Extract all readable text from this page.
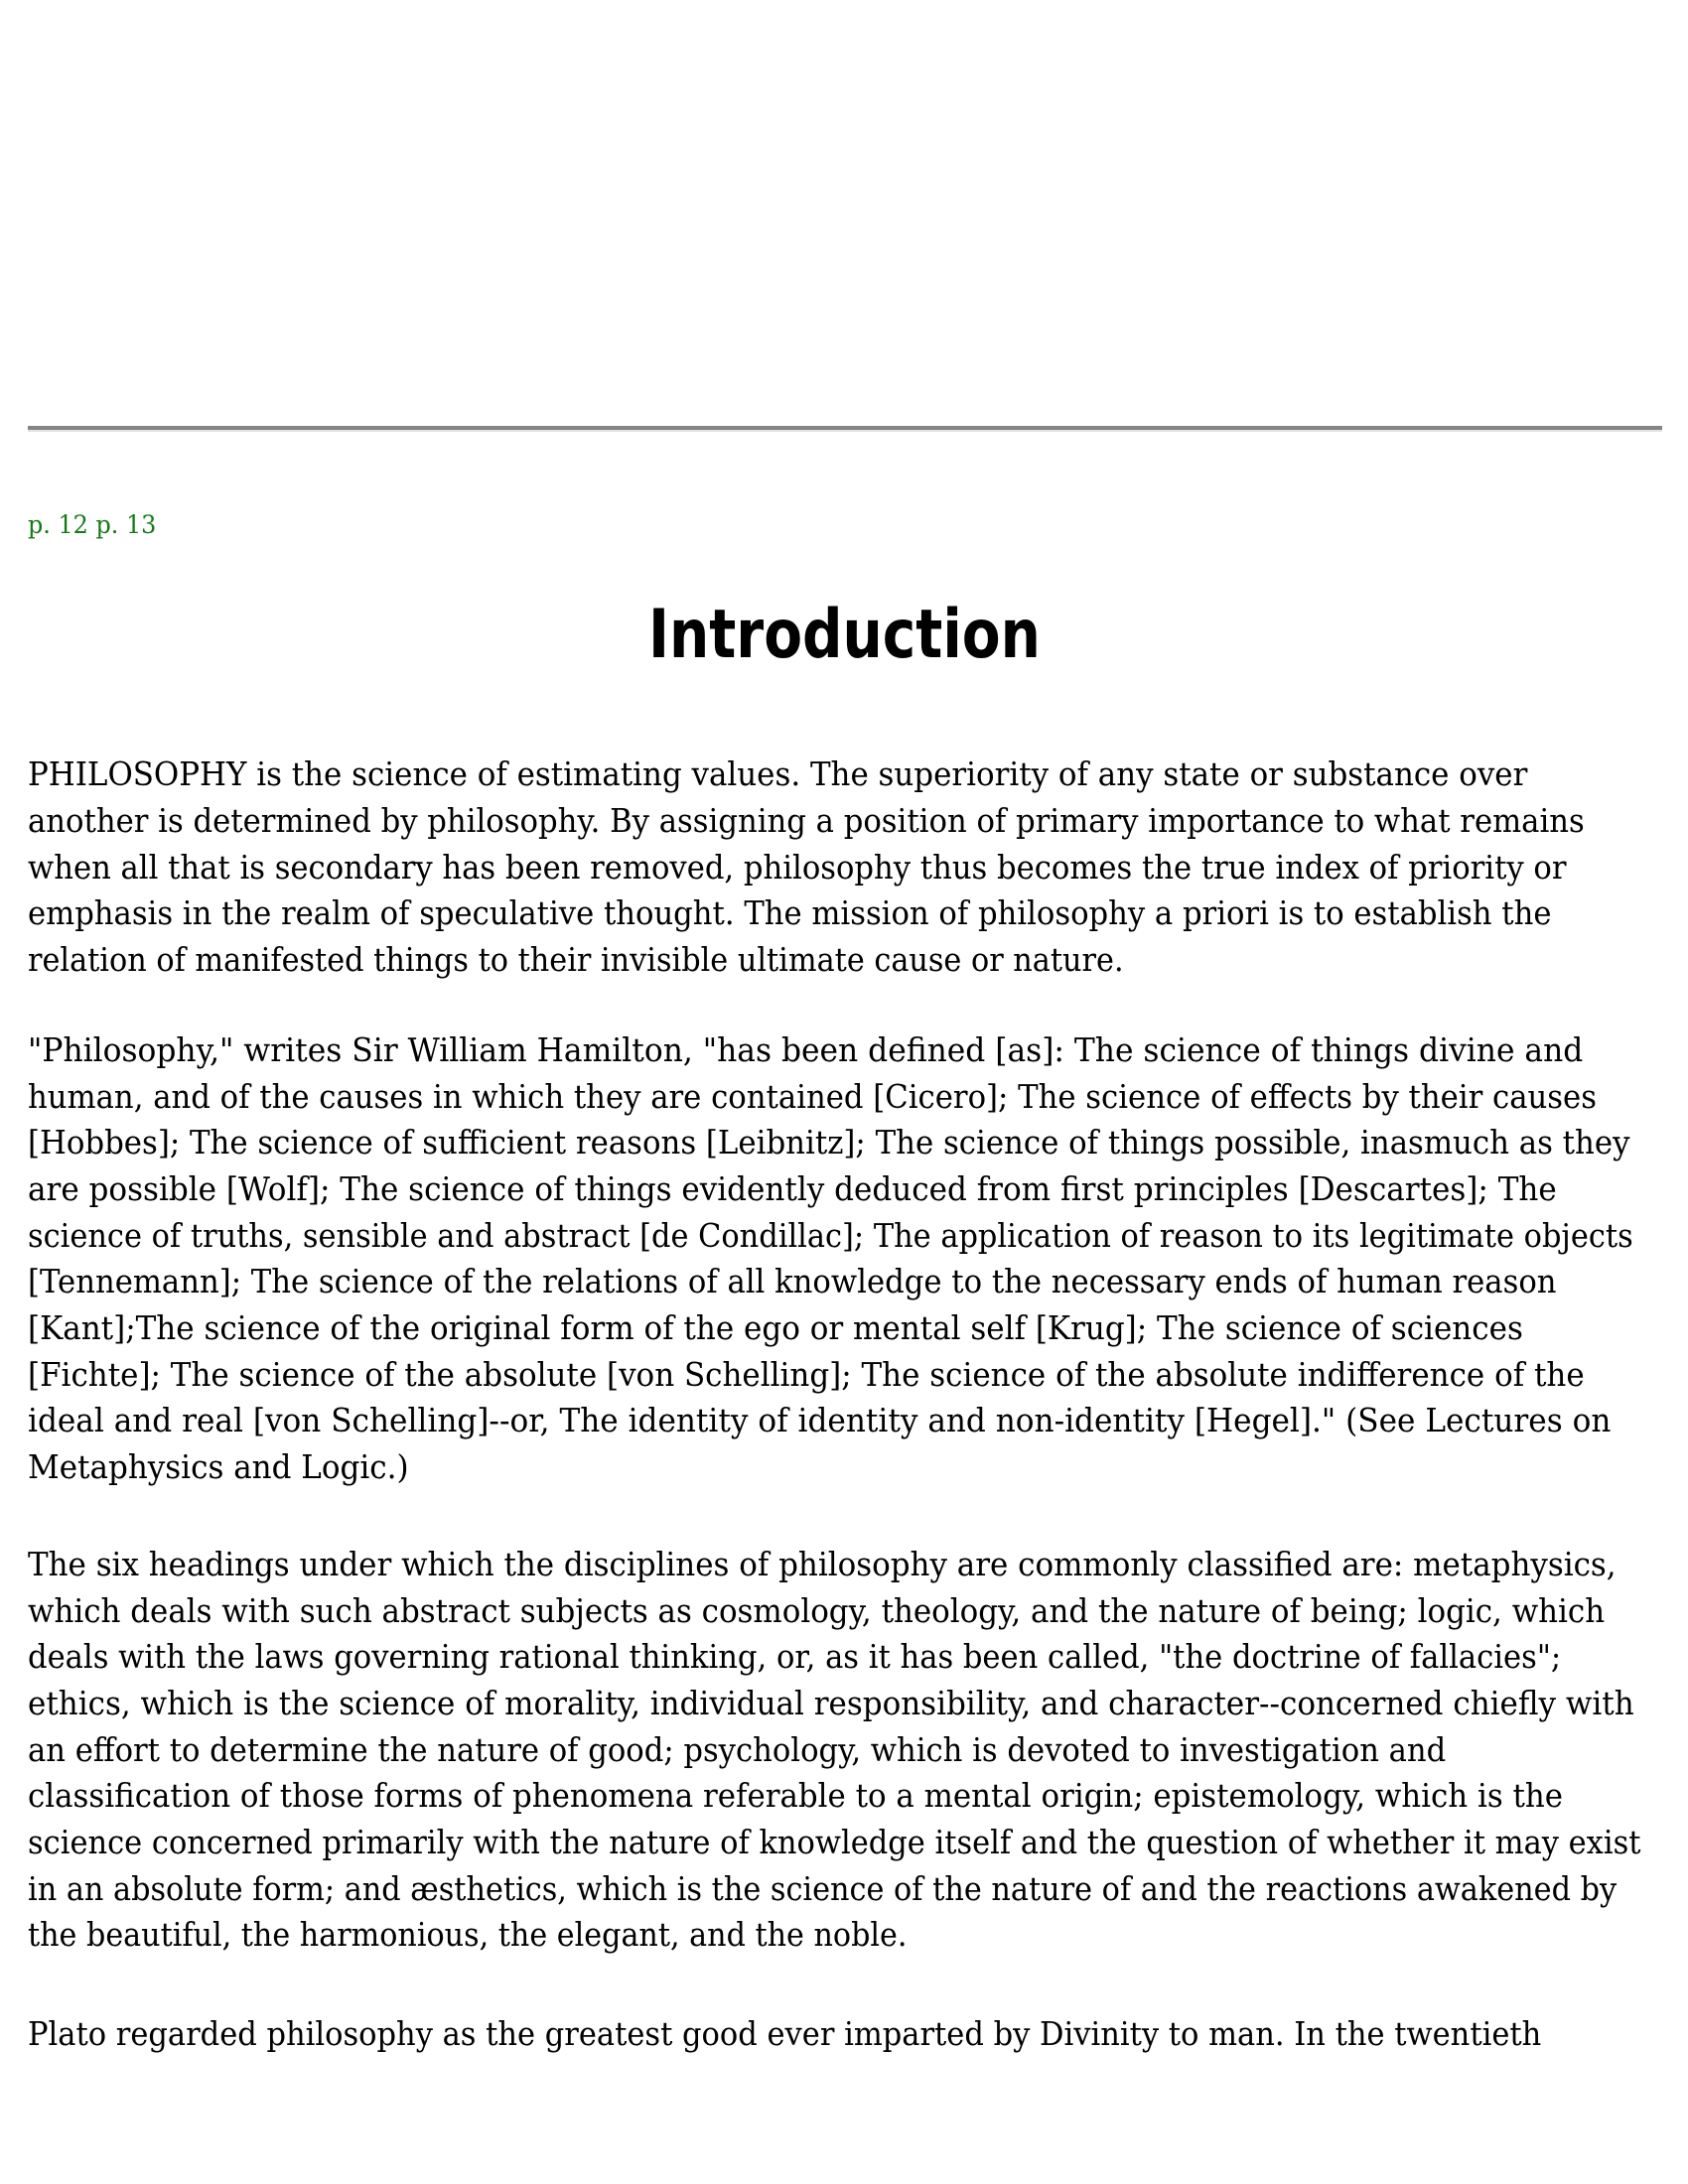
p. 12 p. 13
Introduction
PHILOSOPHY is the science of estimating values. The superiority of any state or substance over
another is determined by philosophy. By assigning a position of primary importance to what remains
when all that is secondary has been removed, philosophy thus becomes the true index of priority or
emphasis in the realm of speculative thought. The mission of philosophy a priori is to establish the
relation of manifested things to their invisible ultimate cause or nature.
"Philosophy," writes Sir William Hamilton, "has been defined [as]: The science of things divine and
human, and of the causes in which they are contained [Cicero]; The science of effects by their causes
[Hobbes]; The science of sufficient reasons [Leibnitz]; The science of things possible, inasmuch as they
are possible [Wolf]; The science of things evidently deduced from first principles [Descartes]; The
science of truths, sensible and abstract [de Condillac]; The application of reason to its legitimate objects
[Tennemann]; The science of the relations of all knowledge to the necessary ends of human reason
[Kant];The science of the original form of the ego or mental self [Krug]; The science of sciences
[Fichte]; The science of the absolute [von Schelling]; The science of the absolute indifference of the
ideal and real [von Schelling]--or, The identity of identity and non-identity [Hegel]." (See Lectures on
Metaphysics and Logic.)
The six headings under which the disciplines of philosophy are commonly classified are: metaphysics,
which deals with such abstract subjects as cosmology, theology, and the nature of being; logic, which
deals with the laws governing rational thinking, or, as it has been called, "the doctrine of fallacies";
ethics, which is the science of morality, individual responsibility, and character--concerned chiefly with
an effort to determine the nature of good; psychology, which is devoted to investigation and
classification of those forms of phenomena referable to a mental origin; epistemology, which is the
science concerned primarily with the nature of knowledge itself and the question of whether it may exist
in an absolute form; and æsthetics, which is the science of the nature of and the reactions awakened by
the beautiful, the harmonious, the elegant, and the noble.
Plato regarded philosophy as the greatest good ever imparted by Divinity to man. In the twentieth
